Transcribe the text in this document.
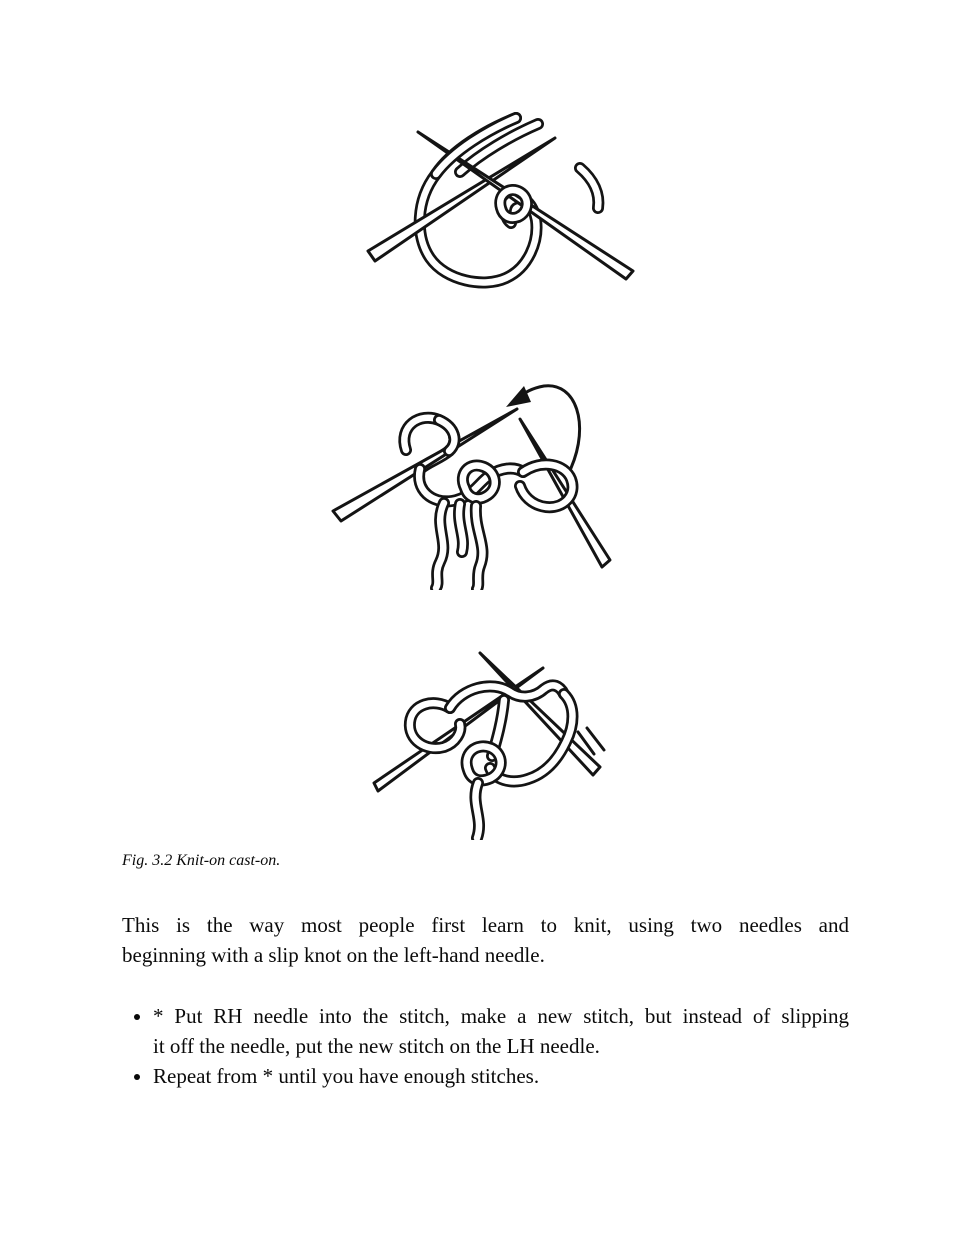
Fig. 3.2 Knit-on cast-on.
This is the way most people first learn to knit, using two needles and
beginning with a slip knot on the left-hand needle.
• * Put RH needle into the stitch, make a new stitch, but instead of slipping
it off the needle, put the new stitch on the LH needle.
• Repeat from * until you have enough stitches.
